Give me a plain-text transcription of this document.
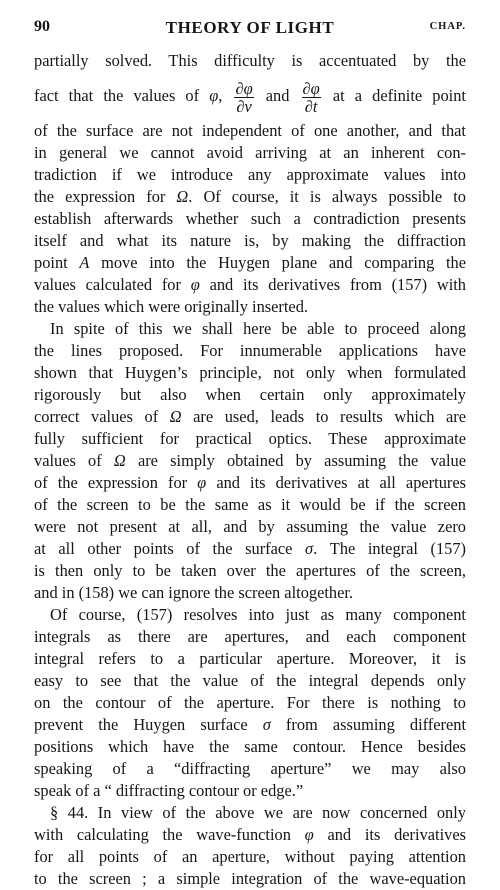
90	THEORY OF LIGHT	CHAP.
partially solved. This difficulty is accentuated by the
fact that the values of φ, $\frac{\partial\varphi}{\partial\nu}$ and $\frac{\partial\varphi}{\partial t}$ at a definite point
of the surface are not independent of one another, and that
in general we cannot avoid arriving at an inherent con-
tradiction if we introduce any approximate values into
the expression for Ω. Of course, it is always possible to
establish afterwards whether such a contradiction presents
itself and what its nature is, by making the diffraction
point A move into the Huygen plane and comparing the
values calculated for φ and its derivatives from (157) with
the values which were originally inserted.
In spite of this we shall here be able to proceed along
the lines proposed. For innumerable applications have
shown that Huygen’s principle, not only when formulated
rigorously but also when certain only approximately
correct values of Ω are used, leads to results which are
fully sufficient for practical optics. These approximate
values of Ω are simply obtained by assuming the value
of the expression for φ and its derivatives at all apertures
of the screen to be the same as it would be if the screen
were not present at all, and by assuming the value zero
at all other points of the surface σ. The integral (157)
is then only to be taken over the apertures of the screen,
and in (158) we can ignore the screen altogether.
Of course, (157) resolves into just as many component
integrals as there are apertures, and each component
integral refers to a particular aperture. Moreover, it is
easy to see that the value of the integral depends only
on the contour of the aperture. For there is nothing to
prevent the Huygen surface σ from assuming different
positions which have the same contour. Hence besides
speaking of a “diffracting aperture” we may also
speak of a “ diffracting contour or edge.”
§ 44. In view of the above we are now concerned only
with calculating the wave-function φ and its derivatives
for all points of an aperture, without paying attention
to the screen ; a simple integration of the wave-equation
